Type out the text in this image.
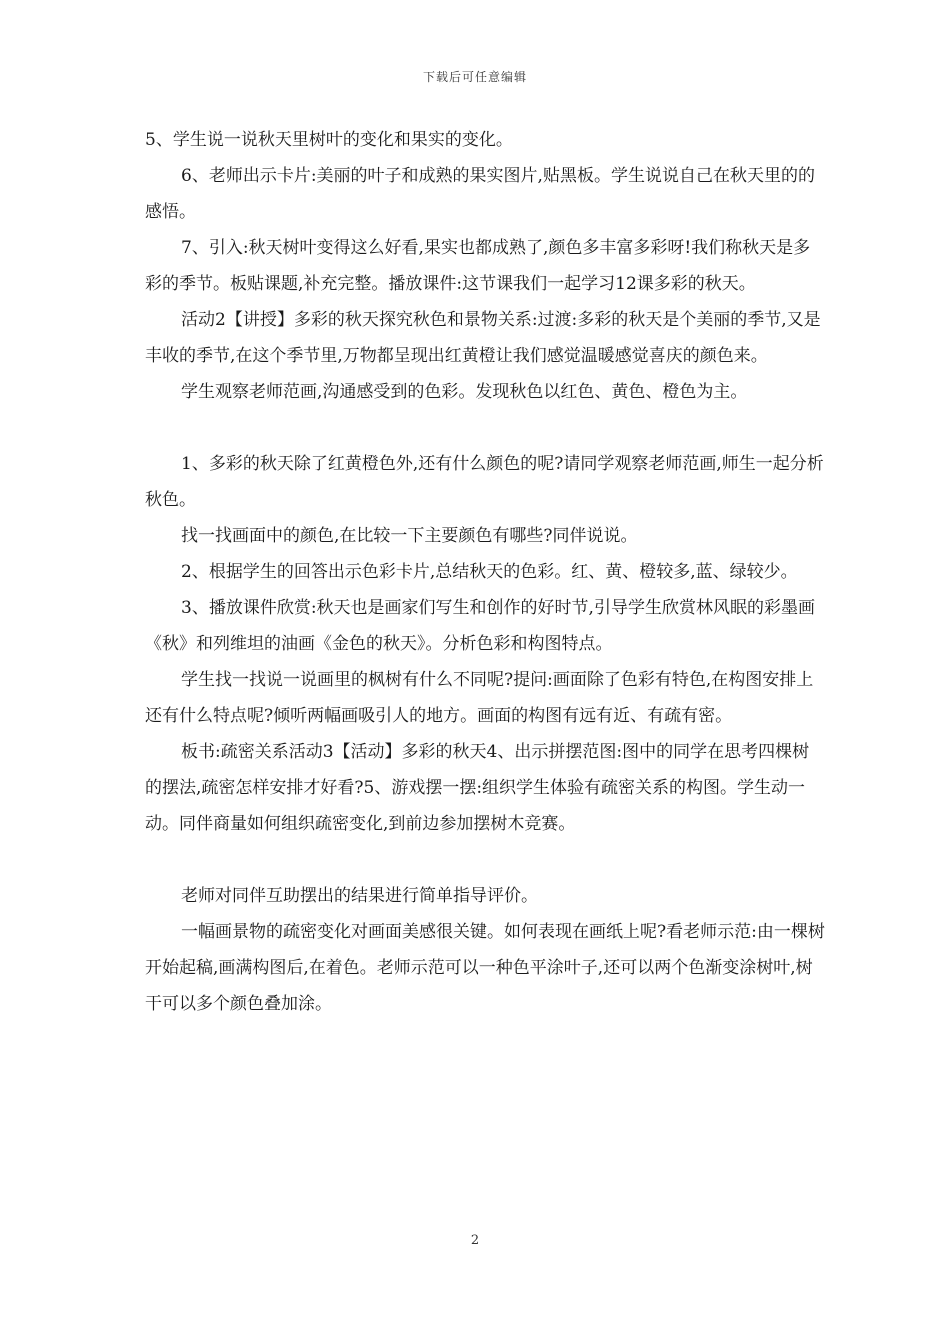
下载后可任意编辑

5、学生说一说秋天里树叶的变化和果实的变化。

6、老师出示卡片:美丽的叶子和成熟的果实图片,贴黑板。学生说说自己在秋天里的的感悟。

7、引入:秋天树叶变得这么好看,果实也都成熟了,颜色多丰富多彩呀!我们称秋天是多彩的季节。板贴课题,补充完整。播放课件:这节课我们一起学习12课多彩的秋天。

活动2【讲授】多彩的秋天探究秋色和景物关系:过渡:多彩的秋天是个美丽的季节,又是丰收的季节,在这个季节里,万物都呈现出红黄橙让我们感觉温暖感觉喜庆的颜色来。

学生观察老师范画,沟通感受到的色彩。发现秋色以红色、黄色、橙色为主。

1、多彩的秋天除了红黄橙色外,还有什么颜色的呢?请同学观察老师范画,师生一起分析秋色。

找一找画面中的颜色,在比较一下主要颜色有哪些?同伴说说。

2、根据学生的回答出示色彩卡片,总结秋天的色彩。红、黄、橙较多,蓝、绿较少。

3、播放课件欣赏:秋天也是画家们写生和创作的好时节,引导学生欣赏林风眠的彩墨画《秋》和列维坦的油画《金色的秋天》。分析色彩和构图特点。

学生找一找说一说画里的枫树有什么不同呢?提问:画面除了色彩有特色,在构图安排上还有什么特点呢?倾听两幅画吸引人的地方。画面的构图有远有近、有疏有密。

板书:疏密关系活动3【活动】多彩的秋天4、出示拼摆范图:图中的同学在思考四棵树的摆法,疏密怎样安排才好看?5、游戏摆一摆:组织学生体验有疏密关系的构图。学生动一动。同伴商量如何组织疏密变化,到前边参加摆树木竞赛。

老师对同伴互助摆出的结果进行简单指导评价。

一幅画景物的疏密变化对画面美感很关键。如何表现在画纸上呢?看老师示范:由一棵树开始起稿,画满构图后,在着色。老师示范可以一种色平涂叶子,还可以两个色渐变涂树叶,树干可以多个颜色叠加涂。

2
